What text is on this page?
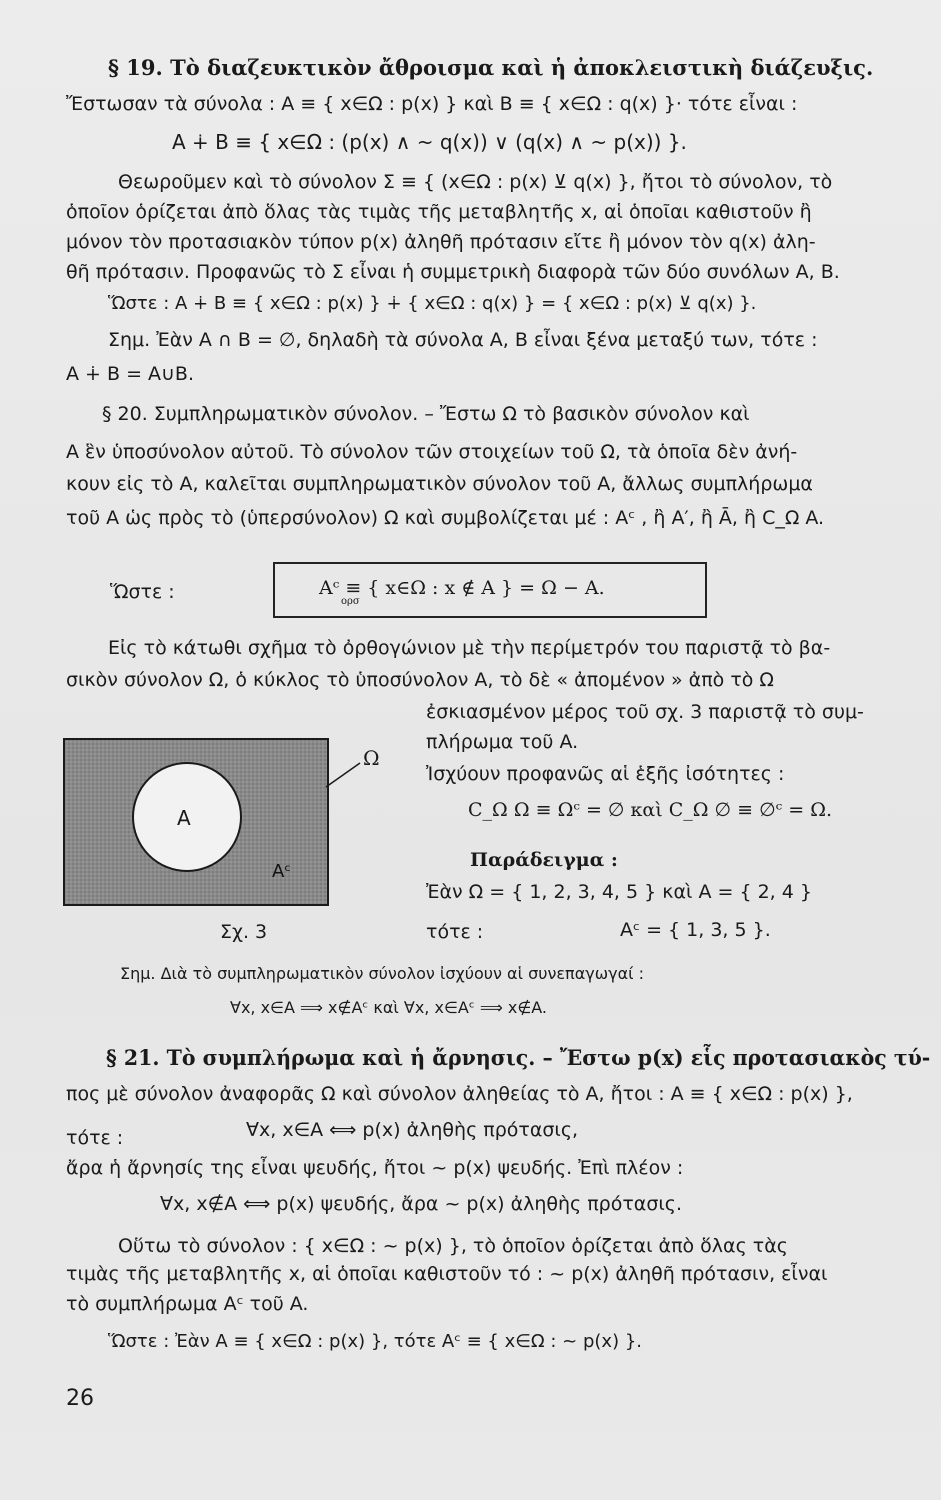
§ 19. Τὸ διαζευκτικὸν ἄθροισμα καὶ ἡ ἀποκλειστικὴ διάζευξις.
Ἔστωσαν τὰ σύνολα : A ≡ { x∈Ω : p(x) } καὶ B ≡ { x∈Ω : q(x) }· τότε εἶναι :
A ∔ B ≡ { x∈Ω : (p(x) ∧ ~ q(x)) ∨ (q(x) ∧ ~ p(x)) }.
Θεωροῦμεν καὶ τὸ σύνολον Σ ≡ { (x∈Ω : p(x) ⊻ q(x) }, ἤτοι τὸ σύνολον, τὸ
ὁποῖον ὁρίζεται ἀπὸ ὅλας τὰς τιμὰς τῆς μεταβλητῆς x, αἱ ὁποῖαι καθιστοῦν ἢ
μόνον τὸν προτασιακὸν τύπον p(x) ἀληθῆ πρότασιν εἴτε ἢ μόνον τὸν q(x) ἀλη-
θῆ πρότασιν. Προφανῶς τὸ Σ εἶναι ἡ συμμετρικὴ διαφορὰ τῶν δύο συνόλων A, B.
Ὥστε : A ∔ B ≡ { x∈Ω : p(x) } ∔ { x∈Ω : q(x) } = { x∈Ω : p(x) ⊻ q(x) }.
Σημ. Ἐὰν A ∩ B = ∅, δηλαδὴ τὰ σύνολα A, B εἶναι ξένα μεταξύ των, τότε :
A ∔ B = A∪B.
§ 20. Συμπληρωματικὸν σύνολον. – Ἔστω Ω τὸ βασικὸν σύνολον καὶ
A ἓν ὑποσύνολον αὐτοῦ. Τὸ σύνολον τῶν στοιχείων τοῦ Ω, τὰ ὁποῖα δὲν ἀνή-
κουν εἰς τὸ A, καλεῖται συμπληρωματικὸν σύνολον τοῦ A, ἄλλως συμπλήρωμα
τοῦ A ὡς πρὸς τὸ (ὑπερσύνολον) Ω καὶ συμβολίζεται μέ : Aᶜ , ἢ A′, ἢ Ā, ἢ C_Ω A.
Ὥστε :	Aᶜ ≡ { x∈Ω : x ∉ A } = Ω − A.
ορσ
Εἰς τὸ κάτωθι σχῆμα τὸ ὀρθογώνιον μὲ τὴν περίμετρόν του παριστᾷ τὸ βα-
σικὸν σύνολον Ω, ὁ κύκλος τὸ ὑποσύνολον A, τὸ δὲ « ἀπομένον » ἀπὸ τὸ Ω
ἐσκιασμένον μέρος τοῦ σχ. 3 παριστᾷ τὸ συμ-
πλήρωμα τοῦ A.
Ἰσχύουν προφανῶς αἱ ἑξῆς ἰσότητες :
C_Ω Ω ≡ Ωᶜ = ∅ καὶ C_Ω ∅ ≡ ∅ᶜ = Ω.
Παράδειγμα :
Ἐὰν Ω = { 1, 2, 3, 4, 5 } καὶ A = { 2, 4 }
τότε :	Aᶜ = { 1, 3, 5 }.
Ω
A
Aᶜ
Σχ. 3
Σημ. Διὰ τὸ συμπληρωματικὸν σύνολον ἰσχύουν αἱ συνεπαγωγαί :
∀x, x∈A ⟹ x∉Aᶜ καὶ ∀x, x∈Aᶜ ⟹ x∉A.
§ 21. Τὸ συμπλήρωμα καὶ ἡ ἄρνησις. – Ἔστω p(x) εἷς προτασιακὸς τύ-
πος μὲ σύνολον ἀναφορᾶς Ω καὶ σύνολον ἀληθείας τὸ A, ἤτοι : A ≡ { x∈Ω : p(x) },
τότε :	∀x, x∈A ⟺ p(x) ἀληθὴς πρότασις,
ἄρα ἡ ἄρνησίς της εἶναι ψευδής, ἤτοι ~ p(x) ψευδής. Ἐπὶ πλέον :
∀x, x∉A ⟺ p(x) ψευδής, ἄρα ~ p(x) ἀληθὴς πρότασις.
Οὕτω τὸ σύνολον : { x∈Ω : ~ p(x) }, τὸ ὁποῖον ὁρίζεται ἀπὸ ὅλας τὰς
τιμὰς τῆς μεταβλητῆς x, αἱ ὁποῖαι καθιστοῦν τό : ~ p(x) ἀληθῆ πρότασιν, εἶναι
τὸ συμπλήρωμα Aᶜ τοῦ A.
Ὥστε : Ἐὰν A ≡ { x∈Ω : p(x) }, τότε Aᶜ ≡ { x∈Ω : ~ p(x) }.
26
